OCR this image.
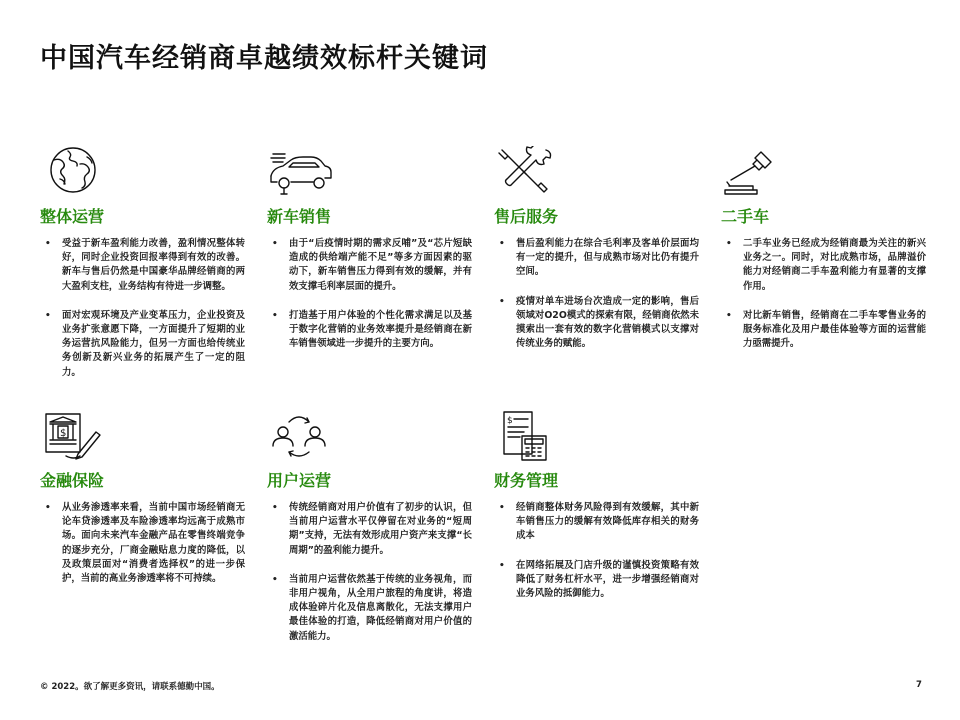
中国汽车经销商卓越绩效标杆关键词
整体运营
• 受益于新车盈利能力改善，盈利情况整体转好，同时企业投资回报率得到有效的改善。新车与售后仍然是中国豪华品牌经销商的两大盈利支柱，业务结构有待进一步调整。
• 面对宏观环境及产业变革压力，企业投资及业务扩张意愿下降，一方面提升了短期的业务运营抗风险能力，但另一方面也给传统业务创新及新兴业务的拓展产生了一定的阻力。
新车销售
• 由于“后疫情时期的需求反哺”及“芯片短缺造成的供给端产能不足”等多方面因素的驱动下，新车销售压力得到有效的缓解，并有效支撑毛利率层面的提升。
• 打造基于用户体验的个性化需求满足以及基于数字化营销的业务效率提升是经销商在新车销售领域进一步提升的主要方向。
售后服务
• 售后盈利能力在综合毛利率及客单价层面均有一定的提升，但与成熟市场对比仍有提升空间。
• 疫情对单车进场台次造成一定的影响，售后领域对O2O模式的探索有限，经销商依然未摸索出一套有效的数字化营销模式以支撑对传统业务的赋能。
二手车
• 二手车业务已经成为经销商最为关注的新兴业务之一。同时，对比成熟市场，品牌溢价能力对经销商二手车盈利能力有显著的支撑作用。
• 对比新车销售，经销商在二手车零售业务的服务标准化及用户最佳体验等方面的运营能力亟需提升。
$
金融保险
• 从业务渗透率来看，当前中国市场经销商无论车贷渗透率及车险渗透率均远高于成熟市场。面向未来汽车金融产品在零售终端竞争的逐步充分，厂商金融贴息力度的降低，以及政策层面对“消费者选择权”的进一步保护，当前的高业务渗透率将不可持续。
用户运营
• 传统经销商对用户价值有了初步的认识，但当前用户运营水平仅停留在对业务的“短周期”支持，无法有效形成用户资产来支撑“长周期”的盈利能力提升。
• 当前用户运营依然基于传统的业务视角，而非用户视角，从全用户旅程的角度讲，将造成体验碎片化及信息离散化，无法支撑用户最佳体验的打造，降低经销商对用户价值的激活能力。
$
财务管理
• 经销商整体财务风险得到有效缓解，其中新车销售压力的缓解有效降低库存相关的财务成本
• 在网络拓展及门店升级的谨慎投资策略有效降低了财务杠杆水平，进一步增强经销商对业务风险的抵御能力。
© 2022。欲了解更多资讯，请联系德勤中国。	7
